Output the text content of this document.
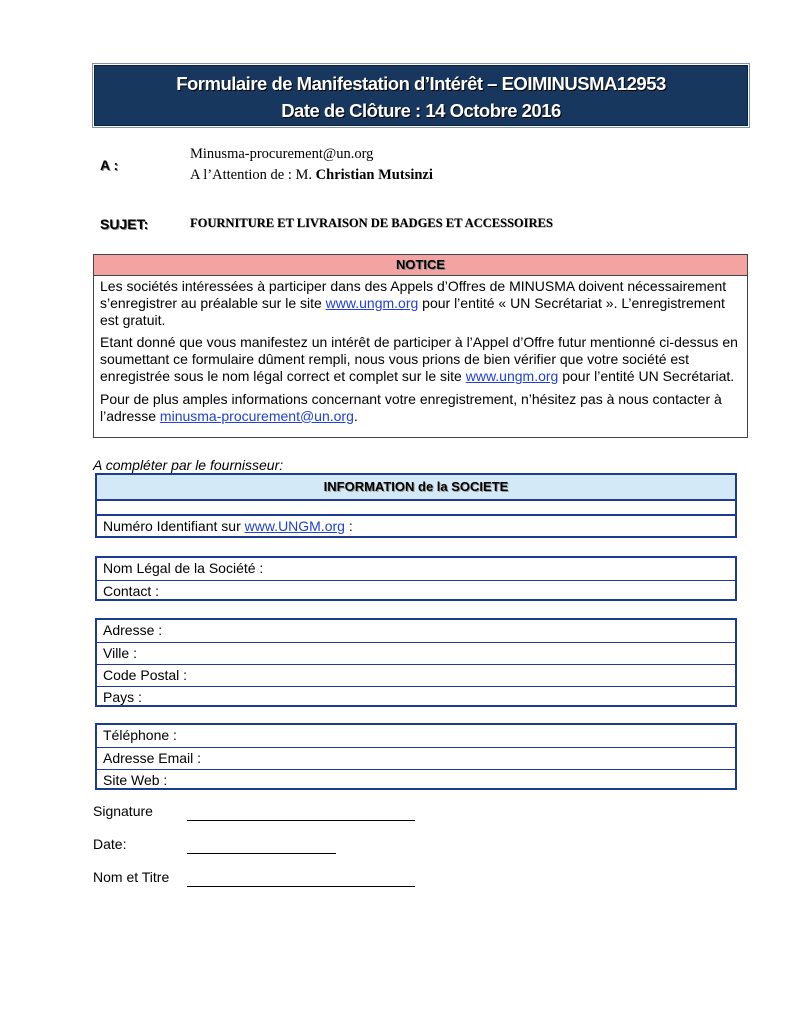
Formulaire de Manifestation d’Intérêt – EOIMINUSMA12953
Date de Clôture : 14 Octobre 2016
A :
Minusma-procurement@un.org
A l’Attention de : M. Christian Mutsinzi
SUJET:	FOURNITURE ET LIVRAISON DE BADGES ET ACCESSOIRES
NOTICE

Les sociétés intéressées à participer dans des Appels d’Offres de MINUSMA doivent nécessairement s’enregistrer au préalable sur le site www.ungm.org pour l’entité « UN Secrétariat ». L’enregistrement est gratuit.

Etant donné que vous manifestez un intérêt de participer à l’Appel d’Offre futur mentionné ci-dessus en soumettant ce formulaire dûment rempli, nous vous prions de bien vérifier que votre société est enregistrée sous le nom légal correct et complet sur le site www.ungm.org pour l’entité UN Secrétariat.

Pour de plus amples informations concernant votre enregistrement, n’hésitez pas à nous contacter à l’adresse minusma-procurement@un.org.

A compléter par le fournisseur:
INFORMATION de la SOCIETE
Numéro Identifiant sur www.UNGM.org :
Nom Légal de la Société :
Contact :
Adresse :
Ville :
Code Postal :
Pays :
Téléphone :
Adresse Email :
Site Web :
Signature
Date:
Nom et Titre
